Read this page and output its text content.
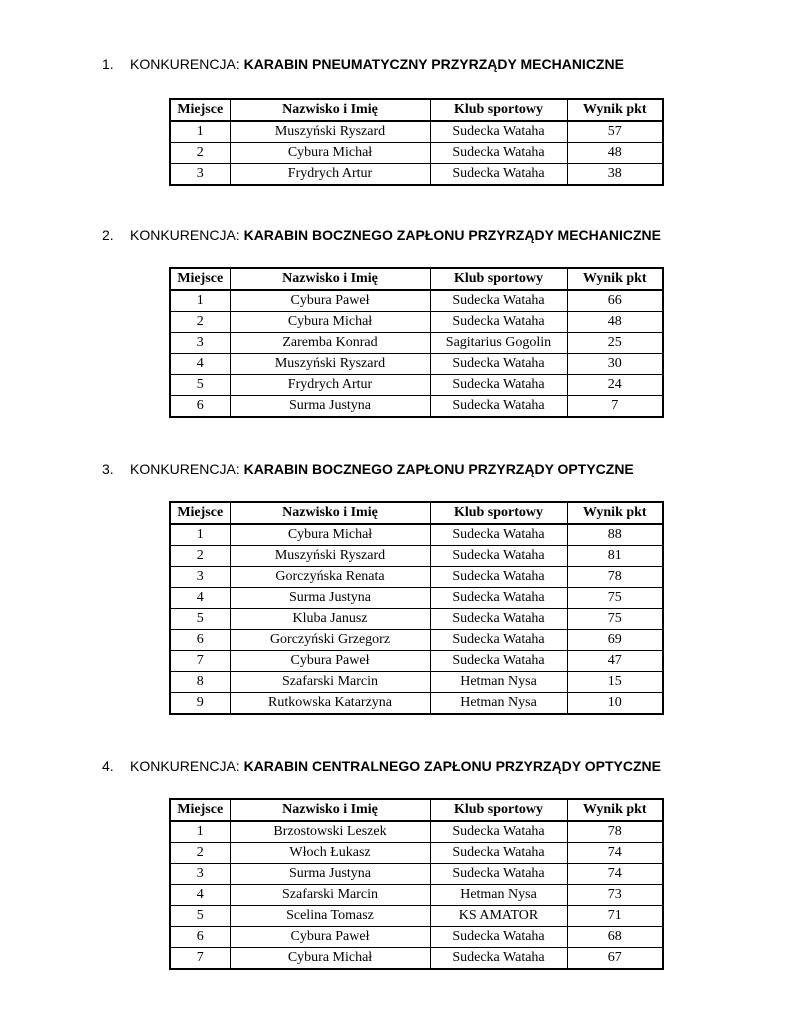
1. KONKURENCJA: KARABIN PNEUMATYCZNY PRZYRZĄDY MECHANICZNE
Miejsce	Nazwisko i Imię	Klub sportowy	Wynik pkt
1	Muszyński Ryszard	Sudecka Wataha	57
2	Cybura Michał	Sudecka Wataha	48
3	Frydrych Artur	Sudecka Wataha	38
2. KONKURENCJA: KARABIN BOCZNEGO ZAPŁONU PRZYRZĄDY MECHANICZNE
Miejsce	Nazwisko i Imię	Klub sportowy	Wynik pkt
1	Cybura Paweł	Sudecka Wataha	66
2	Cybura Michał	Sudecka Wataha	48
3	Zaremba Konrad	Sagitarius Gogolin	25
4	Muszyński Ryszard	Sudecka Wataha	30
5	Frydrych Artur	Sudecka Wataha	24
6	Surma Justyna	Sudecka Wataha	7
3. KONKURENCJA: KARABIN BOCZNEGO ZAPŁONU PRZYRZĄDY OPTYCZNE
Miejsce	Nazwisko i Imię	Klub sportowy	Wynik pkt
1	Cybura Michał	Sudecka Wataha	88
2	Muszyński Ryszard	Sudecka Wataha	81
3	Gorczyńska Renata	Sudecka Wataha	78
4	Surma Justyna	Sudecka Wataha	75
5	Kluba Janusz	Sudecka Wataha	75
6	Gorczyński Grzegorz	Sudecka Wataha	69
7	Cybura Paweł	Sudecka Wataha	47
8	Szafarski Marcin	Hetman Nysa	15
9	Rutkowska Katarzyna	Hetman Nysa	10
4. KONKURENCJA: KARABIN CENTRALNEGO ZAPŁONU PRZYRZĄDY OPTYCZNE
Miejsce	Nazwisko i Imię	Klub sportowy	Wynik pkt
1	Brzostowski Leszek	Sudecka Wataha	78
2	Włoch Łukasz	Sudecka Wataha	74
3	Surma Justyna	Sudecka Wataha	74
4	Szafarski Marcin	Hetman Nysa	73
5	Scelina Tomasz	KS AMATOR	71
6	Cybura Paweł	Sudecka Wataha	68
7	Cybura Michał	Sudecka Wataha	67
